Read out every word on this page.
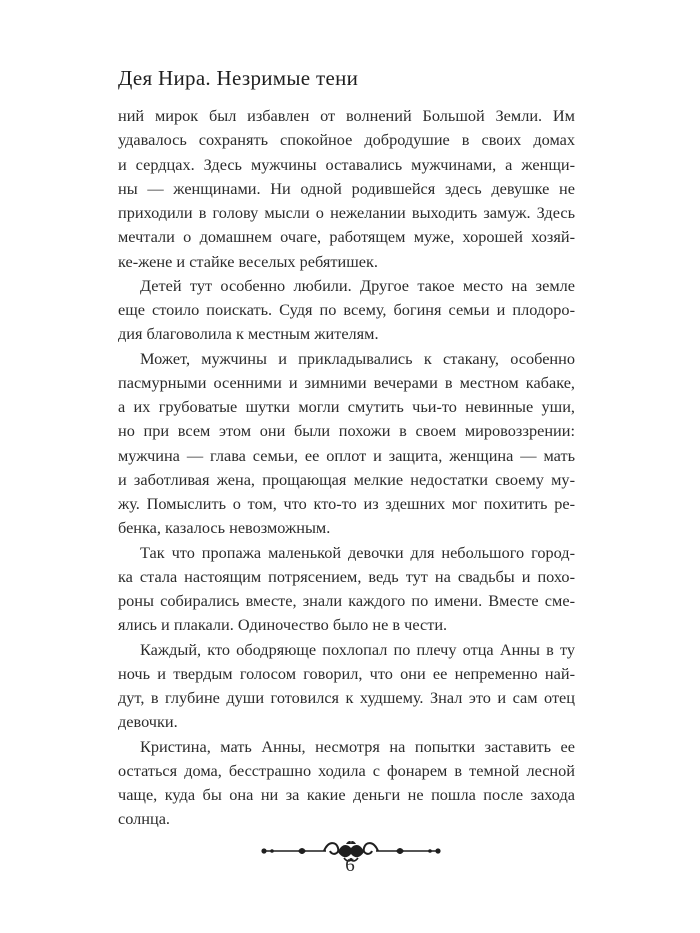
Дея Нира. Незримые тени
ний мирок был избавлен от волнений Большой Земли. Им
удавалось сохранять спокойное добродушие в своих домах
и сердцах. Здесь мужчины оставались мужчинами, а женщи-
ны — женщинами. Ни одной родившейся здесь девушке не
приходили в голову мысли о нежелании выходить замуж. Здесь
мечтали о домашнем очаге, работящем муже, хорошей хозяй-
ке-жене и стайке веселых ребятишек.
Детей тут особенно любили. Другое такое место на земле
еще стоило поискать. Судя по всему, богиня семьи и плодоро-
дия благоволила к местным жителям.
Может, мужчины и прикладывались к стакану, особенно
пасмурными осенними и зимними вечерами в местном кабаке,
а их грубоватые шутки могли смутить чьи-то невинные уши,
но при всем этом они были похожи в своем мировоззрении:
мужчина — глава семьи, ее оплот и защита, женщина — мать
и заботливая жена, прощающая мелкие недостатки своему му-
жу. Помыслить о том, что кто-то из здешних мог похитить ре-
бенка, казалось невозможным.
Так что пропажа маленькой девочки для небольшого город-
ка стала настоящим потрясением, ведь тут на свадьбы и похо-
роны собирались вместе, знали каждого по имени. Вместе сме-
ялись и плакали. Одиночество было не в чести.
Каждый, кто ободряюще похлопал по плечу отца Анны в ту
ночь и твердым голосом говорил, что они ее непременно най-
дут, в глубине души готовился к худшему. Знал это и сам отец
девочки.
Кристина, мать Анны, несмотря на попытки заставить ее
остаться дома, бесстрашно ходила с фонарем в темной лесной
чаще, куда бы она ни за какие деньги не пошла после захода
солнца.
6
